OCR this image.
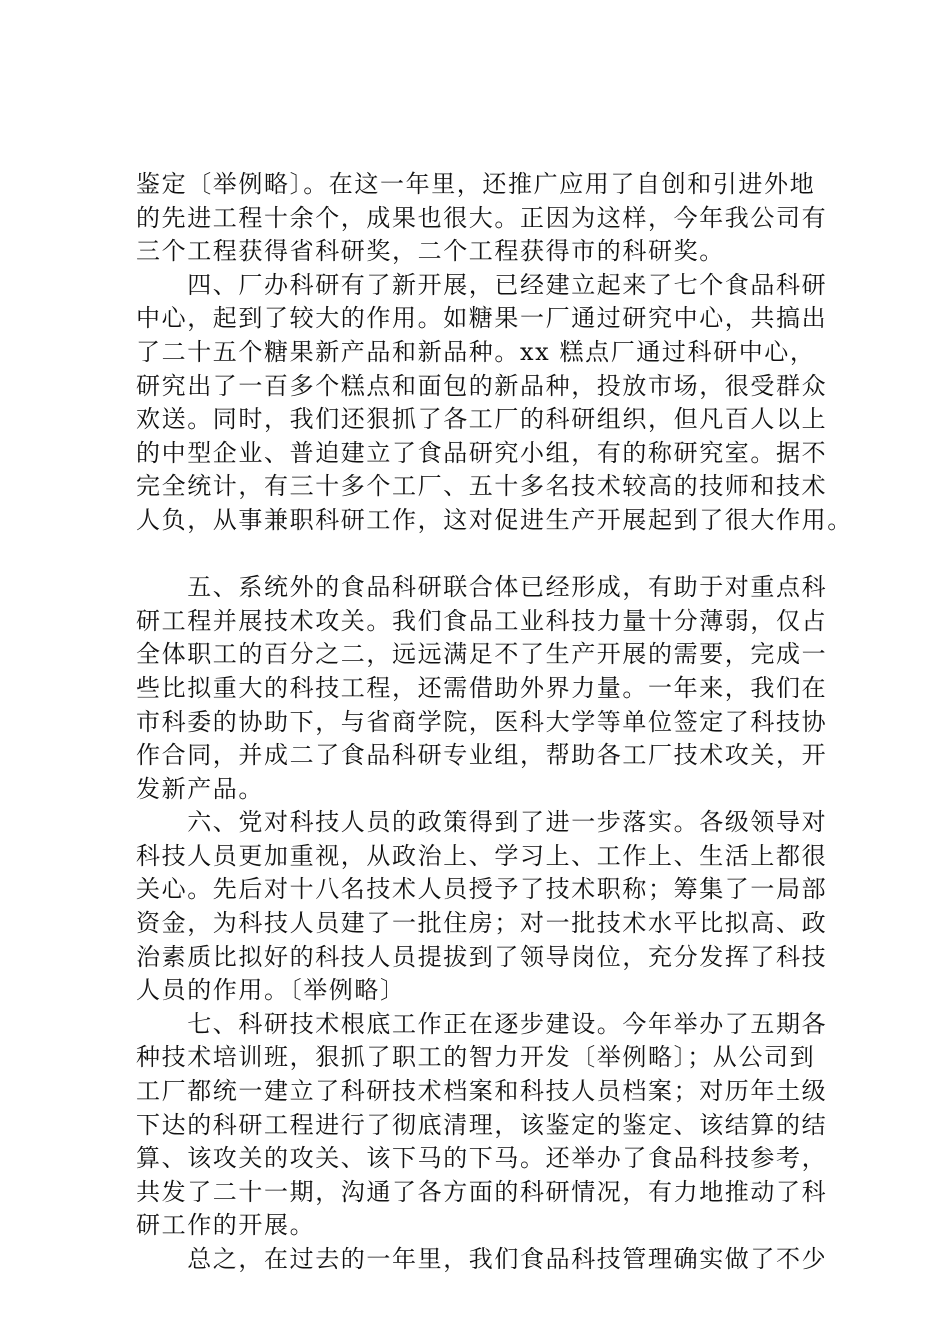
鉴定〔举例略〕。在这一年里，还推广应用了自创和引进外地
的先进工程十余个，成果也很大。正因为这样，今年我公司有
三个工程获得省科研奖，二个工程获得市的科研奖。
　　四、厂办科研有了新开展，已经建立起来了七个食品科研
中心，起到了较大的作用。如糖果一厂通过研究中心，共搞出
了二十五个糖果新产品和新品种。xx 糕点厂通过科研中心，
研究出了一百多个糕点和面包的新品种，投放市场，很受群众
欢送。同时，我们还狠抓了各工厂的科研组织，但凡百人以上
的中型企业、普迫建立了食品研究小组，有的称研究室。据不
完全统计，有三十多个工厂、五十多名技术较高的技师和技术
人负，从事兼职科研工作，这对促进生产开展起到了很大作用。
　　五、系统外的食品科研联合体已经形成，有助于对重点科
研工程并展技术攻关。我们食品工业科技力量十分薄弱，仅占
全体职工的百分之二，远远满足不了生产开展的需要，完成一
些比拟重大的科技工程，还需借助外界力量。一年来，我们在
市科委的协助下，与省商学院，医科大学等单位签定了科技协
作合同，并成二了食品科研专业组，帮助各工厂技术攻关，开
发新产品。
　　六、党对科技人员的政策得到了进一步落实。各级领导对
科技人员更加重视，从政治上、学习上、工作上、生活上都很
关心。先后对十八名技术人员授予了技术职称；筹集了一局部
资金，为科技人员建了一批住房；对一批技术水平比拟高、政
治素质比拟好的科技人员提拔到了领导岗位，充分发挥了科技
人员的作用。〔举例略〕
　　七、科研技术根底工作正在逐步建设。今年举办了五期各
种技术培训班，狠抓了职工的智力开发〔举例略〕；从公司到
工厂都统一建立了科研技术档案和科技人员档案；对历年土级
下达的科研工程进行了彻底清理，该鉴定的鉴定、该结算的结
算、该攻关的攻关、该下马的下马。还举办了食品科技参考，
共发了二十一期，沟通了各方面的科研情况，有力地推动了科
研工作的开展。
　　总之，在过去的一年里，我们食品科技管理确实做了不少
